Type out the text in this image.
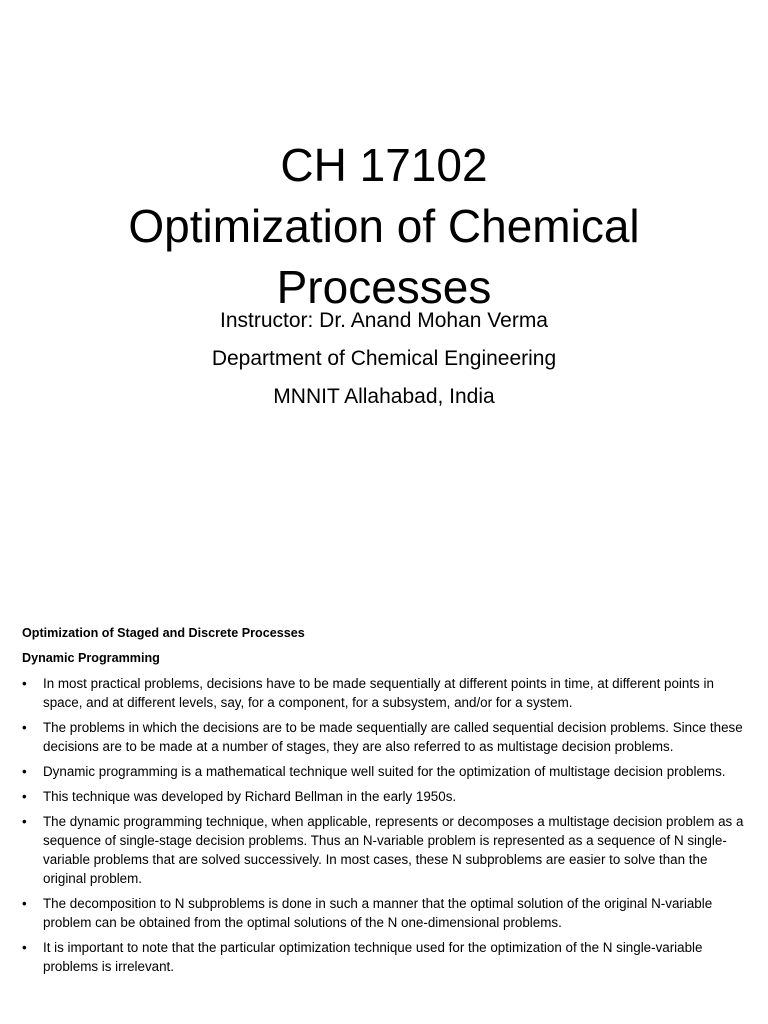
CH 17102
Optimization of Chemical
Processes
Instructor: Dr. Anand Mohan Verma
Department of Chemical Engineering
MNNIT Allahabad, India
Optimization of Staged and Discrete Processes
Dynamic Programming
• In most practical problems, decisions have to be made sequentially at different points in time, at different points in space, and at different levels, say, for a component, for a subsystem, and/or for a system.
• The problems in which the decisions are to be made sequentially are called sequential decision problems. Since these decisions are to be made at a number of stages, they are also referred to as multistage decision problems.
• Dynamic programming is a mathematical technique well suited for the optimization of multistage decision problems.
• This technique was developed by Richard Bellman in the early 1950s.
• The dynamic programming technique, when applicable, represents or decomposes a multistage decision problem as a sequence of single-stage decision problems. Thus an N-variable problem is represented as a sequence of N single-variable problems that are solved successively. In most cases, these N subproblems are easier to solve than the original problem.
• The decomposition to N subproblems is done in such a manner that the optimal solution of the original N-variable problem can be obtained from the optimal solutions of the N one-dimensional problems.
• It is important to note that the particular optimization technique used for the optimization of the N single-variable problems is irrelevant.
